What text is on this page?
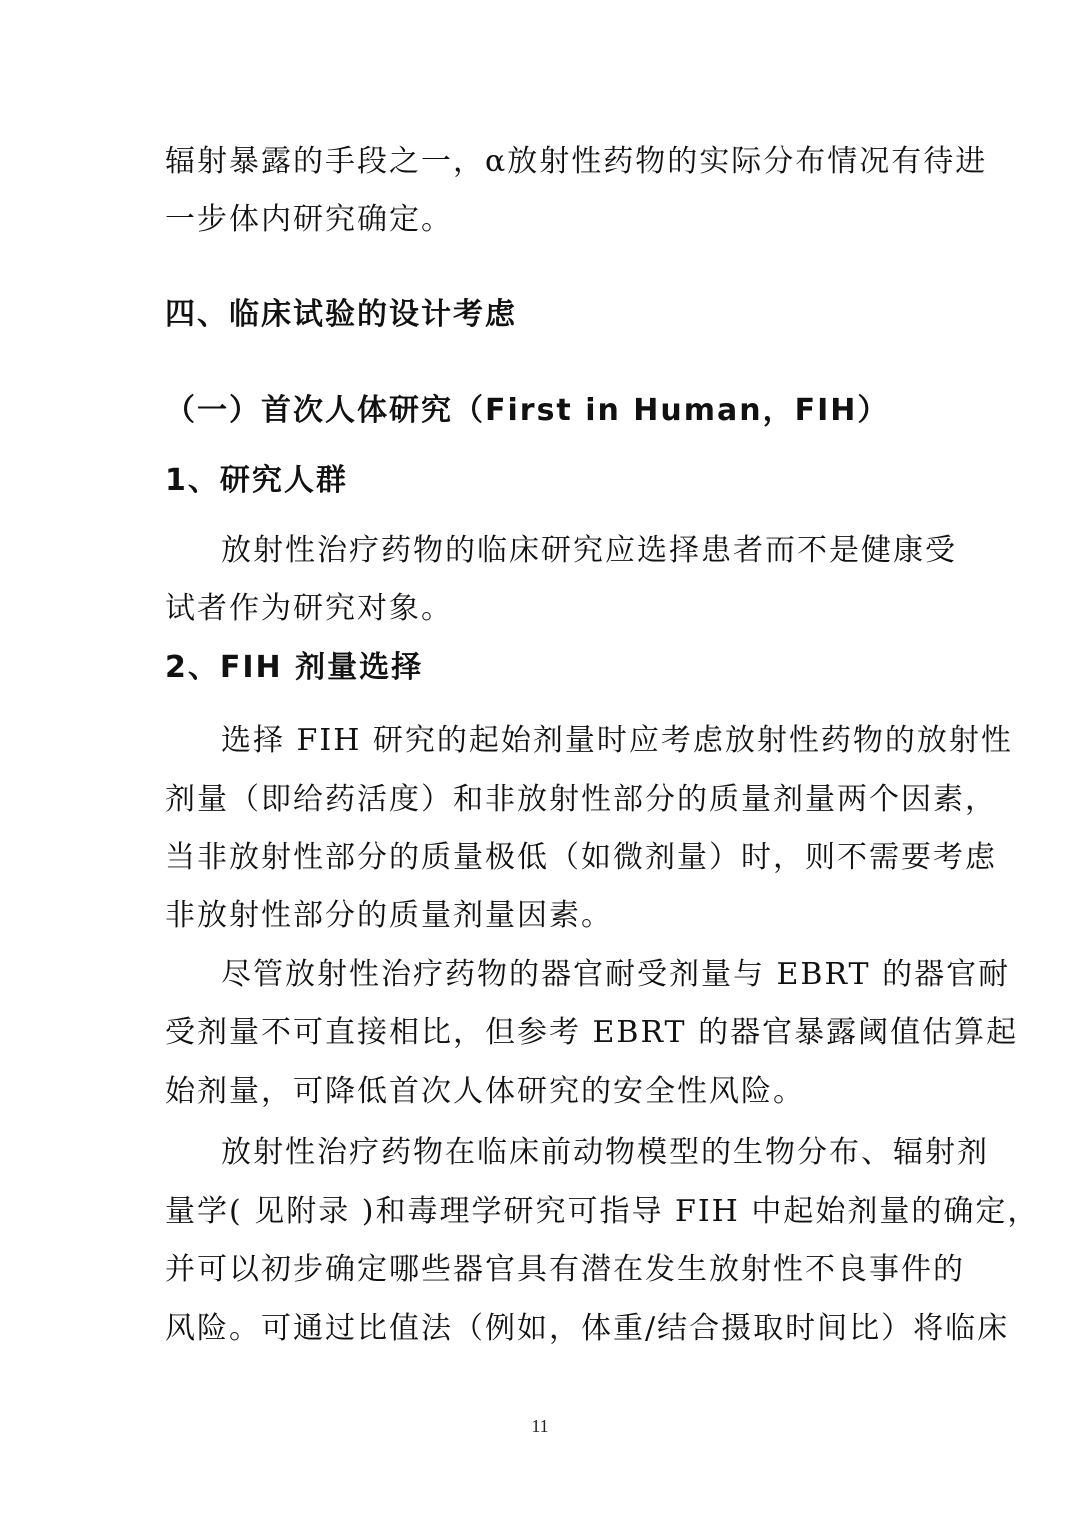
辐射暴露的手段之一，α放射性药物的实际分布情况有待进
一步体内研究确定。
四、临床试验的设计考虑
（一）首次人体研究（First in Human，FIH）
1、研究人群
放射性治疗药物的临床研究应选择患者而不是健康受
试者作为研究对象。
2、FIH 剂量选择
选择 FIH 研究的起始剂量时应考虑放射性药物的放射性
剂量（即给药活度）和非放射性部分的质量剂量两个因素，
当非放射性部分的质量极低（如微剂量）时，则不需要考虑
非放射性部分的质量剂量因素。
尽管放射性治疗药物的器官耐受剂量与 EBRT 的器官耐
受剂量不可直接相比，但参考 EBRT 的器官暴露阈值估算起
始剂量，可降低首次人体研究的安全性风险。
放射性治疗药物在临床前动物模型的生物分布、辐射剂
量学( 见附录 )和毒理学研究可指导 FIH 中起始剂量的确定，
并可以初步确定哪些器官具有潜在发生放射性不良事件的
风险。可通过比值法（例如，体重/结合摄取时间比）将临床
11
